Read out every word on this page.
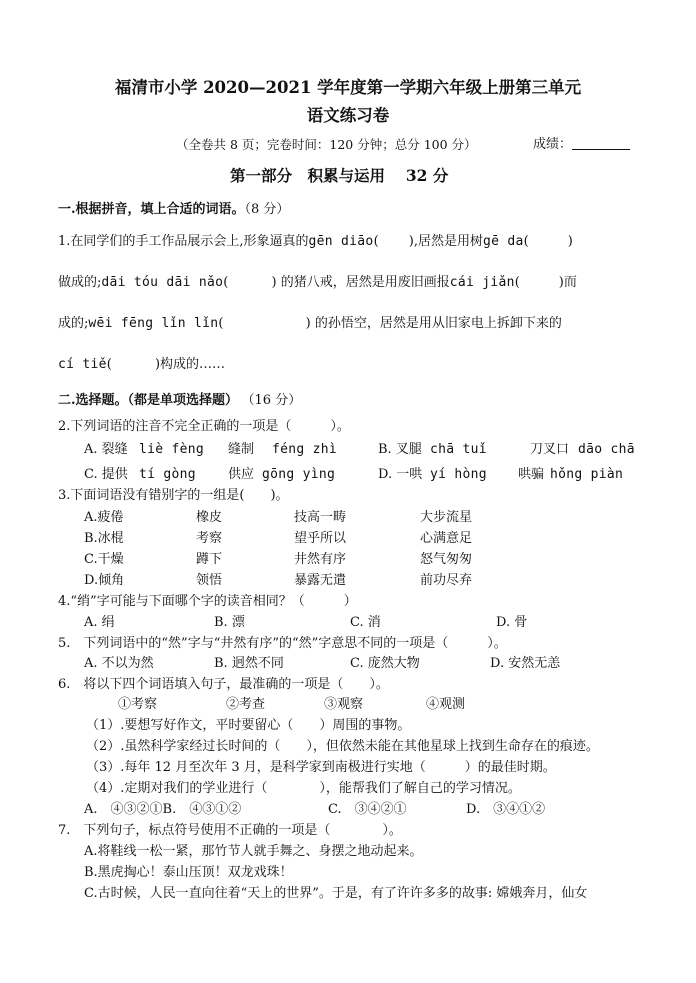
福清市小学 2020—2021 学年度第一学期六年级上册第三单元
语文练习卷
（全卷共 8 页；完卷时间：120 分钟；总分 100 分）	成绩：
第一部分　积累与运用　 32 分
一.根据拼音，填上合适的词语。（8 分）
1.在同学们的手工作品展示会上,形象逼真的gēn diāo(　　 ),居然是用树gē da(　　　)
做成的;dāi tóu dāi nǎo(　　　 ) 的猪八戒，居然是用废旧画报cái jiǎn(　　　)而
成的;wēi fēng lǐn lǐn(　　　　　　 ) 的孙悟空，居然是用从旧家电上拆卸下来的
cí tiě(　　　 )构成的……
二.选择题。（都是单项选择题） （16 分）
2.下列词语的注音不完全正确的一项是（　　　）。
A. 裂缝 liè fèng 缝制 féng zhì	B. 叉腿 chā tuǐ	刀叉口 dāo chā
C. 提供 tí gòng 供应 gōng yìng	D. 一哄 yí hòng 哄骗 hǒng piàn
3.下面词语没有错别字的一组是(　　)。
A.疲倦	橡皮	技高一畴	大步流星
B.冰棍	考察	望乎所以	心满意足
C.干燥	蹲下	井然有序	怒气匆匆
D.倾角	领悟	暴露无遣	前功尽弃
4.“绡”字可能与下面哪个字的读音相同？（　　　）
A. 绢	B. 漂	C. 消	D. 骨
5.　下列词语中的“然”字与“井然有序”的“然”字意思不同的一项是（　　　）。
A. 不以为然	B. 迥然不同	C. 庞然大物	D. 安然无恙
6.　将以下四个词语填入句子，最准确的一项是（　　）。
①考察	②考查	③观察	④观测
（1）.要想写好作文，平时要留心（　　）周围的事物。
（2）.虽然科学家经过长时间的（　　），但依然未能在其他星球上找到生命存在的痕迹。
（3）.每年 12 月至次年 3 月，是科学家到南极进行实地（　　　）的最佳时期。
（4）.定期对我们的学业进行（　　　　），能帮我们了解自己的学习情况。
A.　④③②①B.　④③①②	C.　③④②①	D.　③④①②
7.　下列句子，标点符号使用不正确的一项是（　　　　）。
A.将鞋线一松一紧，那竹节人就手舞之、身摆之地动起来。
B.黑虎掏心！泰山压顶！双龙戏珠！
C.古时候，人民一直向往着“天上的世界”。于是，有了许许多多的故事: 嫦娥奔月，仙女
